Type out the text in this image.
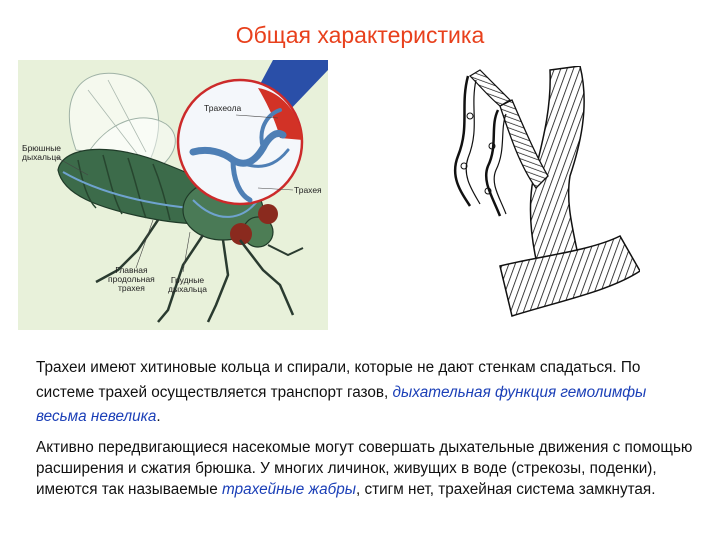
Общая характеристика
Трахеола
Брюшные
дыхальца
Трахея
Главная
продольная
трахея
Грудные
дыхальца

Трахеи имеют хитиновые кольца и спирали, которые не дают стенкам спадаться. По системе трахей осуществляется транспорт газов, дыхательная функция гемолимфы весьма невелика.

Активно передвигающиеся насекомые могут совершать дыхательные движения с помощью расширения и сжатия брюшка. У многих личинок, живущих в воде (стрекозы, поденки), имеются так называемые трахейные жабры, стигм нет, трахейная система замкнутая.
